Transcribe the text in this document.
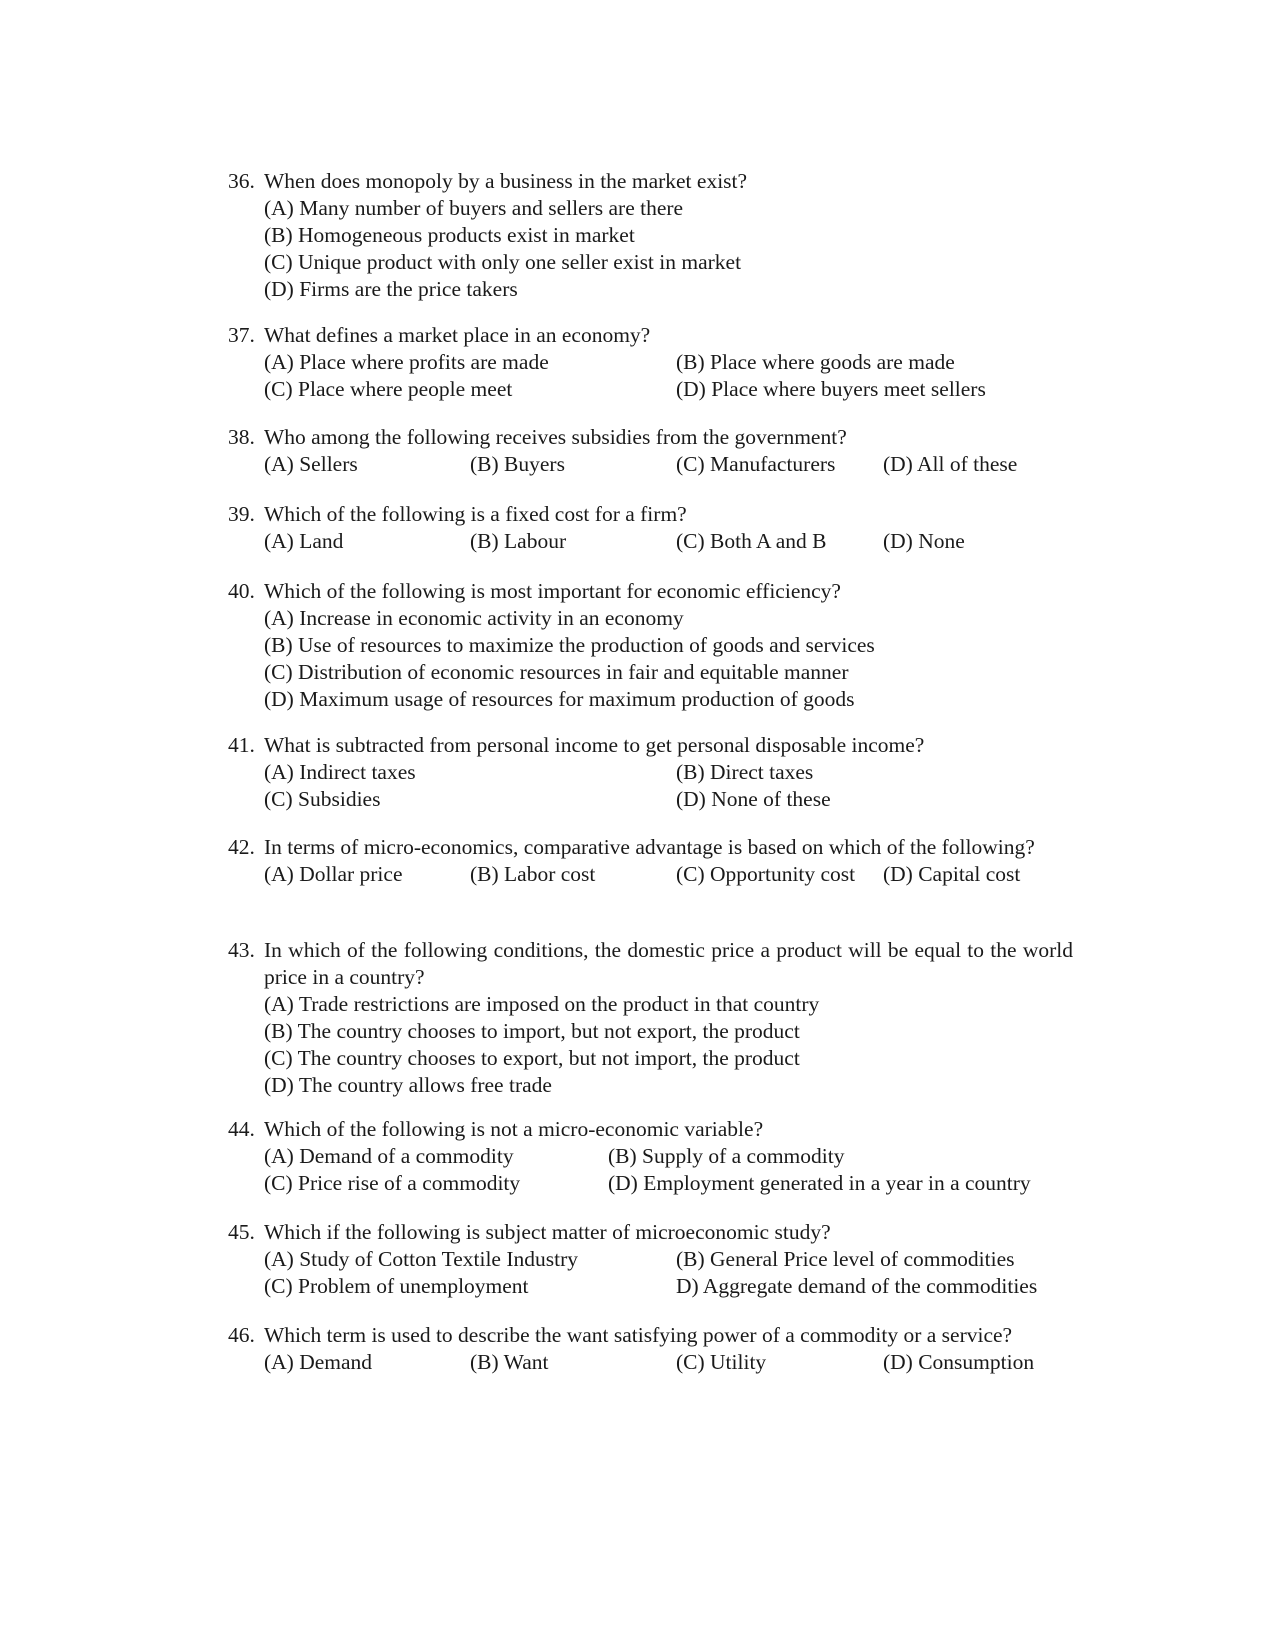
36. When does monopoly by a business in the market exist?
(A) Many number of buyers and sellers are there
(B) Homogeneous products exist in market
(C) Unique product with only one seller exist in market
(D) Firms are the price takers
37. What defines a market place in an economy?
(A) Place where profits are made	(B) Place where goods are made
(C) Place where people meet	(D) Place where buyers meet sellers
38. Who among the following receives subsidies from the government?
(A) Sellers	(B) Buyers	(C) Manufacturers (D) All of these
39. Which of the following is a fixed cost for a firm?
(A) Land	(B) Labour	(C) Both A and B	(D) None
40. Which of the following is most important for economic efficiency?
(A) Increase in economic activity in an economy
(B) Use of resources to maximize the production of goods and services
(C) Distribution of economic resources in fair and equitable manner
(D) Maximum usage of resources for maximum production of goods
41. What is subtracted from personal income to get personal disposable income?
(A) Indirect taxes	(B) Direct taxes
(C) Subsidies	(D) None of these
42. In terms of micro-economics, comparative advantage is based on which of the following?
(A) Dollar price	(B) Labor cost	(C) Opportunity cost (D) Capital cost
43. In which of the following conditions, the domestic price a product will be equal to the world price in a country?
(A) Trade restrictions are imposed on the product in that country
(B) The country chooses to import, but not export, the product
(C) The country chooses to export, but not import, the product
(D) The country allows free trade
44. Which of the following is not a micro-economic variable?
(A) Demand of a commodity	(B) Supply of a commodity
(C) Price rise of a commodity	(D) Employment generated in a year in a country
45. Which if the following is subject matter of microeconomic study?
(A) Study of Cotton Textile Industry	(B) General Price level of commodities
(C) Problem of unemployment	D) Aggregate demand of the commodities
46. Which term is used to describe the want satisfying power of a commodity or a service?
(A) Demand	(B) Want	(C) Utility	(D) Consumption
